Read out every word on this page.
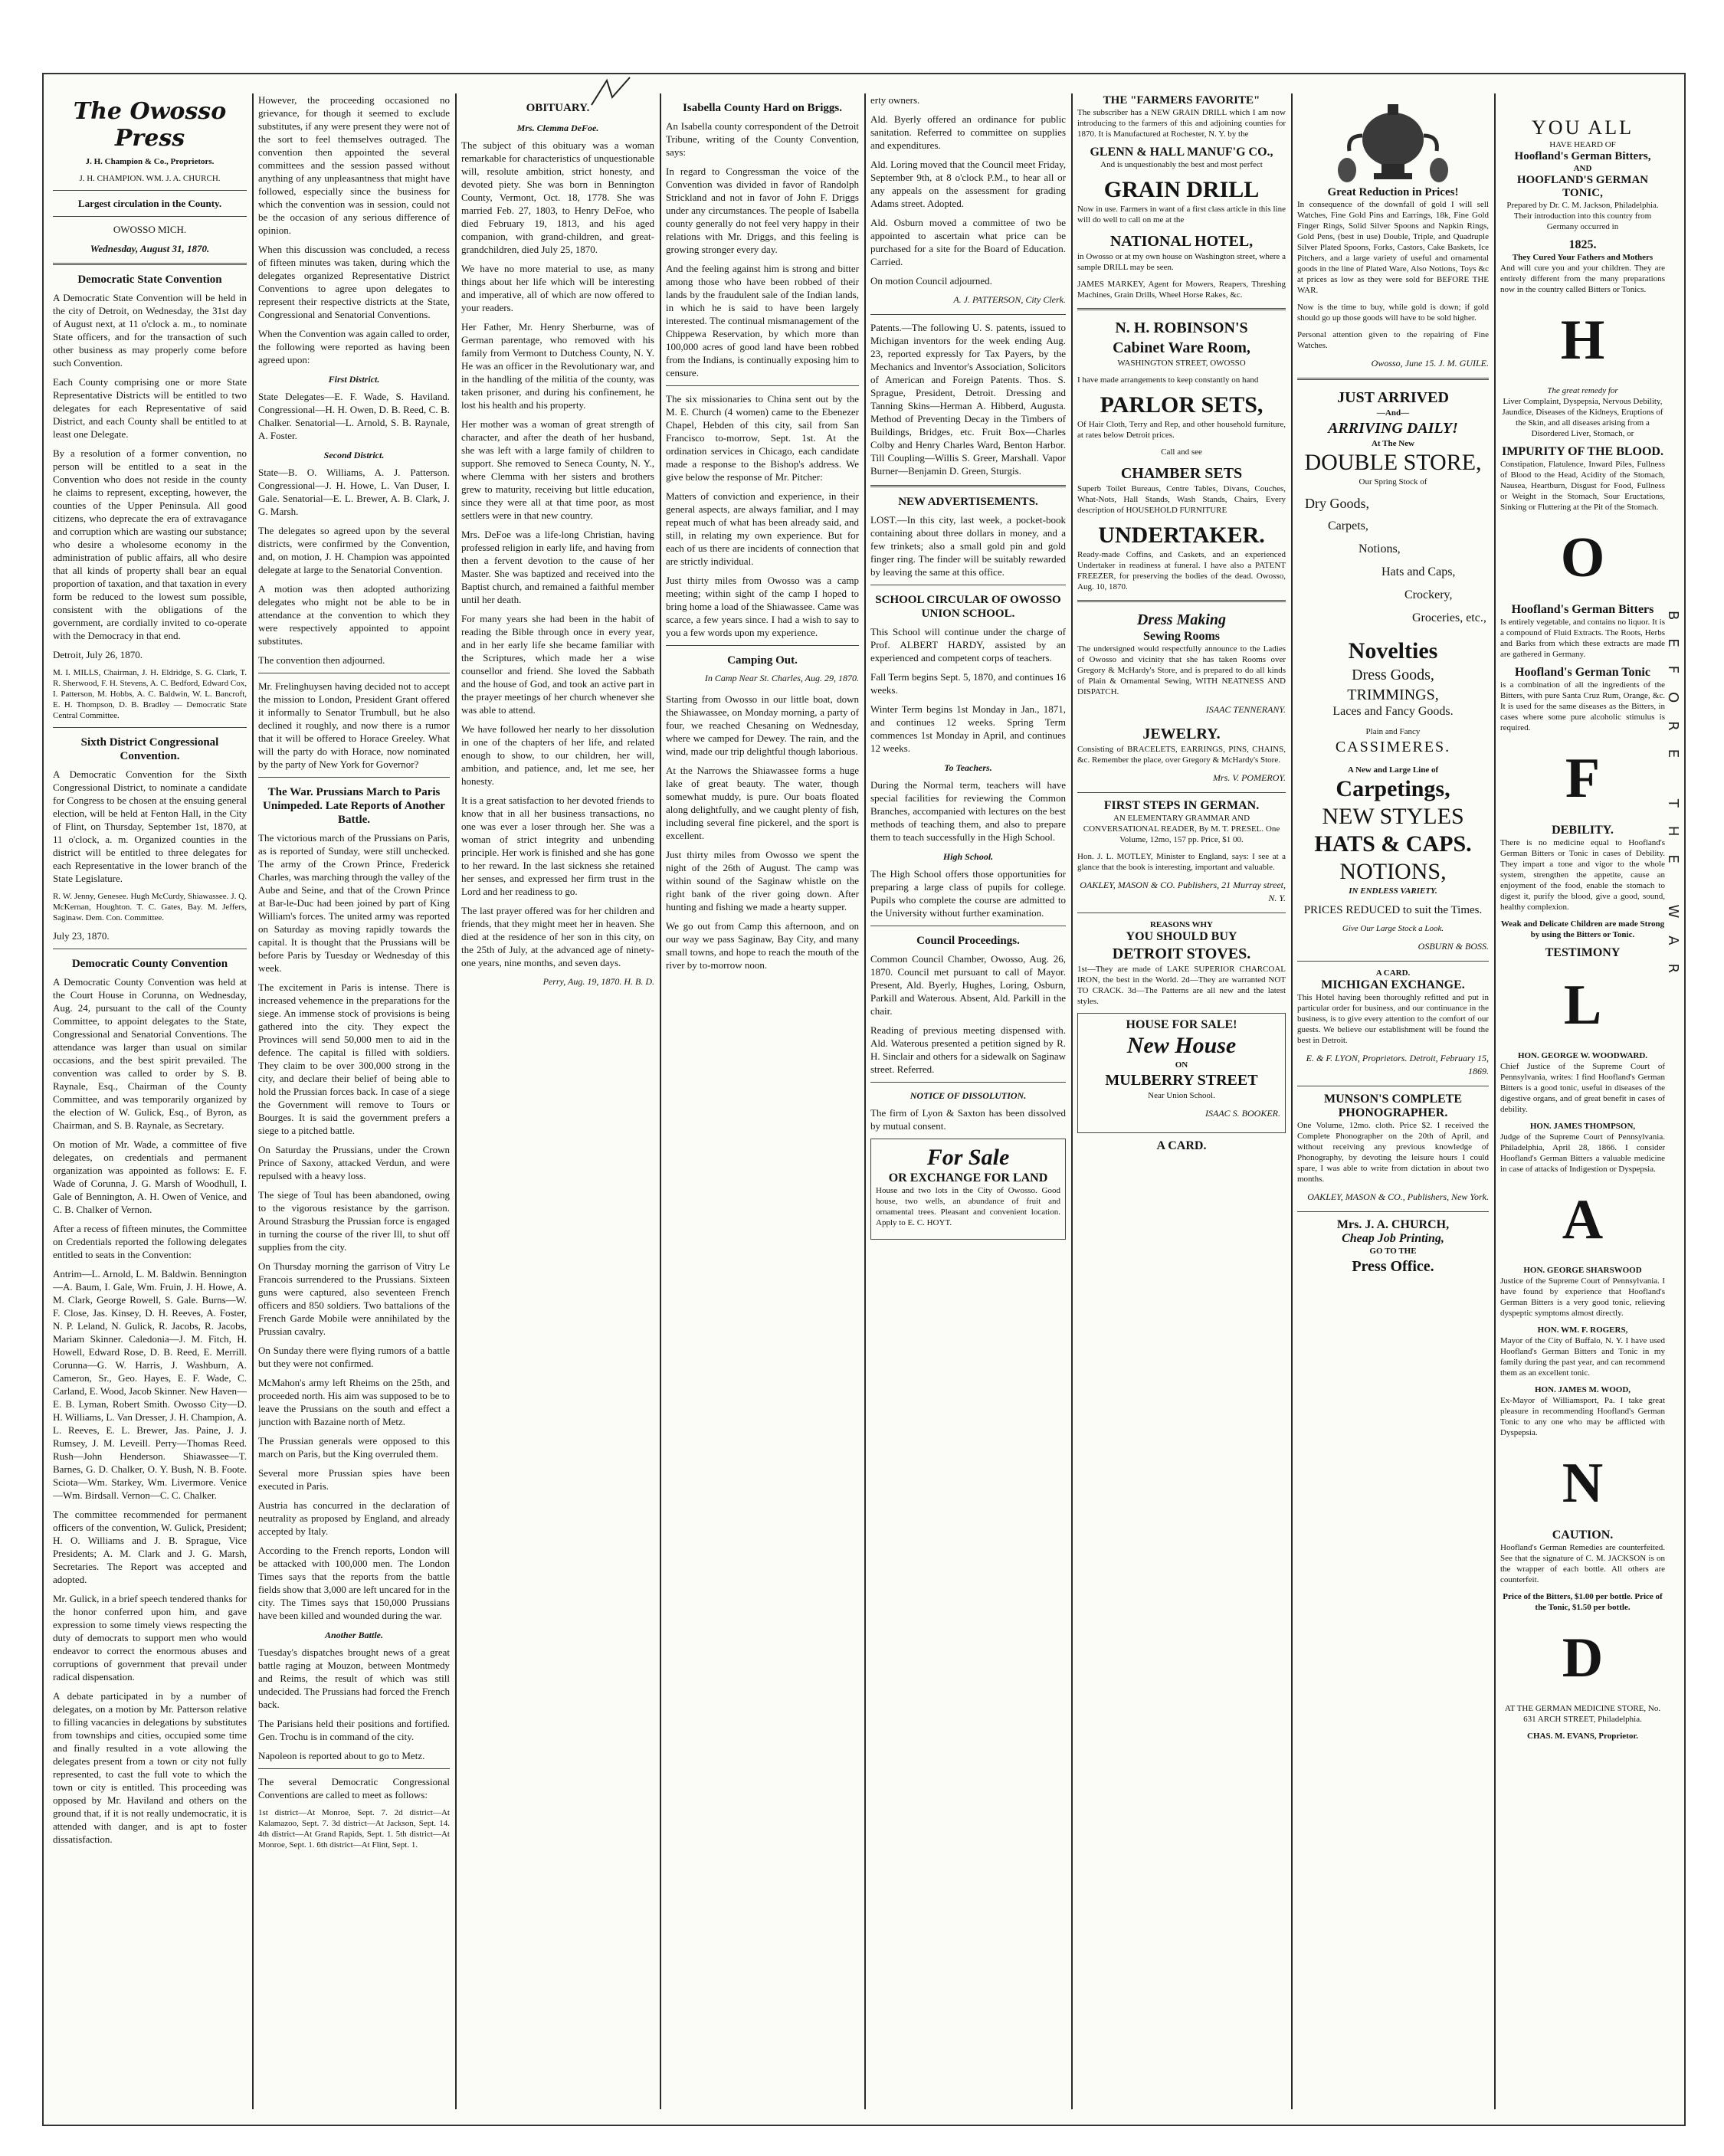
The Owosso Press

J. H. Champion & Co., Proprietors.

J. H. CHAMPION. WM. J. A. CHURCH.

Largest circulation in the County.

OWOSSO MICH.

Wednesday, August 31, 1870.

Democratic State Convention

A Democratic State Convention will be held in the city of Detroit, on Wednesday, the 31st day of August next, at 11 o'clock a. m., to nominate State officers, and for the transaction of such other business as may properly come before such Convention.

Each County comprising one or more State Representative Districts will be entitled to two delegates for each Representative of said District, and each County shall be entitled to at least one Delegate.

By a resolution of a former convention, no person will be entitled to a seat in the Convention who does not reside in the county he claims to represent, excepting, however, the counties of the Upper Peninsula. All good citizens, who deprecate the era of extravagance and corruption which are wasting our substance; who desire a wholesome economy in the administration of public affairs, all who desire that all kinds of property shall bear an equal proportion of taxation, and that taxation in every form be reduced to the lowest sum possible, consistent with the obligations of the government, are cordially invited to co-operate with the Democracy in that end.

Detroit, July 26, 1870.

M. I. MILLS, Chairman, J. H. Eldridge, S. G. Clark, T. R. Sherwood, F. H. Stevens, A. C. Bedford, Edward Cox, I. Patterson, M. Hobbs, A. C. Baldwin, W. L. Bancroft, E. H. Thompson, D. B. Bradley — Democratic State Central Committee.

Sixth District Congressional Convention.

A Democratic Convention for the Sixth Congressional District, to nominate a candidate for Congress to be chosen at the ensuing general election, will be held at Fenton Hall, in the City of Flint, on Thursday, September 1st, 1870, at 11 o'clock, a. m. Organized counties in the district will be entitled to three delegates for each Representative in the lower branch of the State Legislature.

R. W. Jenny, Genesee. Hugh McCurdy, Shiawassee. J. Q. McKernan, Houghton. T. C. Gates, Bay. M. Jeffers, Saginaw. Dem. Con. Committee.

July 23, 1870.

Democratic County Convention

A Democratic County Convention was held at the Court House in Corunna, on Wednesday, Aug. 24, pursuant to the call of the County Committee, to appoint delegates to the State, Congressional and Senatorial Conventions. The attendance was larger than usual on similar occasions, and the best spirit prevailed. The convention was called to order by S. B. Raynale, Esq., Chairman of the County Committee, and was temporarily organized by the election of W. Gulick, Esq., of Byron, as Chairman, and S. B. Raynale, as Secretary.

On motion of Mr. Wade, a committee of five delegates, on credentials and permanent organization was appointed as follows: E. F. Wade of Corunna, J. G. Marsh of Woodhull, I. Gale of Bennington, A. H. Owen of Venice, and C. B. Chalker of Vernon.

After a recess of fifteen minutes, the Committee on Credentials reported the following delegates entitled to seats in the Convention:

Antrim—L. Arnold, L. M. Baldwin. Bennington—A. Baum, I. Gale, Wm. Fruin, J. H. Howe, A. M. Clark, George Rowell, S. Gale. Burns—W. F. Close, Jas. Kinsey, D. H. Reeves, A. Foster, N. P. Leland, N. Gulick, R. Jacobs, R. Jacobs, Mariam Skinner. Caledonia—J. M. Fitch, H. Howell, Edward Rose, D. B. Reed, E. Merrill. Corunna—G. W. Harris, J. Washburn, A. Cameron, Sr., Geo. Hayes, E. F. Wade, C. Carland, E. Wood, Jacob Skinner. New Haven—E. B. Lyman, Robert Smith. Owosso City—D. H. Williams, L. Van Dresser, J. H. Champion, A. L. Reeves, E. L. Brewer, Jas. Paine, J. J. Rumsey, J. M. Leveill. Perry—Thomas Reed. Rush—John Henderson. Shiawassee—T. Barnes, G. D. Chalker, O. Y. Bush, N. B. Foote. Sciota—Wm. Starkey, Wm. Livermore. Venice—Wm. Birdsall. Vernon—C. C. Chalker.

The committee recommended for permanent officers of the convention, W. Gulick, President; H. O. Williams and J. B. Sprague, Vice Presidents; A. M. Clark and J. G. Marsh, Secretaries. The Report was accepted and adopted.

Mr. Gulick, in a brief speech tendered thanks for the honor conferred upon him, and gave expression to some timely views respecting the duty of democrats to support men who would endeavor to correct the enormous abuses and corruptions of government that prevail under radical dispensation.

A debate participated in by a number of delegates, on a motion by Mr. Patterson relative to filling vacancies in delegations by substitutes from townships and cities, occupied some time and finally resulted in a vote allowing the delegates present from a town or city not fully represented, to cast the full vote to which the town or city is entitled. This proceeding was opposed by Mr. Haviland and others on the ground that, if it is not really undemocratic, it is attended with danger, and is apt to foster dissatisfaction.

However, the proceeding occasioned no grievance, for though it seemed to exclude substitutes, if any were present they were not of the sort to feel themselves outraged. The convention then appointed the several committees and the session passed without anything of any unpleasantness that might have followed, especially since the business for which the convention was in session, could not be the occasion of any serious difference of opinion.

When this discussion was concluded, a recess of fifteen minutes was taken, during which the delegates organized Representative District Conventions to agree upon delegates to represent their respective districts at the State, Congressional and Senatorial Conventions.

When the Convention was again called to order, the following were reported as having been agreed upon:

First District.

State Delegates—E. F. Wade, S. Haviland. Congressional—H. H. Owen, D. B. Reed, C. B. Chalker. Senatorial—L. Arnold, S. B. Raynale, A. Foster.

Second District.

State—B. O. Williams, A. J. Patterson. Congressional—J. H. Howe, L. Van Duser, I. Gale. Senatorial—E. L. Brewer, A. B. Clark, J. G. Marsh.

The delegates so agreed upon by the several districts, were confirmed by the Convention, and, on motion, J. H. Champion was appointed delegate at large to the Senatorial Convention.

A motion was then adopted authorizing delegates who might not be able to be in attendance at the convention to which they were respectively appointed to appoint substitutes.

The convention then adjourned.

Mr. Frelinghuysen having decided not to accept the mission to London, President Grant offered it informally to Senator Trumbull, but he also declined it roughly, and now there is a rumor that it will be offered to Horace Greeley. What will the party do with Horace, now nominated by the party of New York for Governor?

The War. Prussians March to Paris Unimpeded. Late Reports of Another Battle.

The victorious march of the Prussians on Paris, as is reported of Sunday, were still unchecked. The army of the Crown Prince, Frederick Charles, was marching through the valley of the Aube and Seine, and that of the Crown Prince at Bar-le-Duc had been joined by part of King William's forces. The united army was reported on Saturday as moving rapidly towards the capital. It is thought that the Prussians will be before Paris by Tuesday or Wednesday of this week.

The excitement in Paris is intense. There is increased vehemence in the preparations for the siege. An immense stock of provisions is being gathered into the city. They expect the Provinces will send 50,000 men to aid in the defence. The capital is filled with soldiers. They claim to be over 300,000 strong in the city, and declare their belief of being able to hold the Prussian forces back. In case of a siege the Government will remove to Tours or Bourges. It is said the government prefers a siege to a pitched battle.

On Saturday the Prussians, under the Crown Prince of Saxony, attacked Verdun, and were repulsed with a heavy loss.

The siege of Toul has been abandoned, owing to the vigorous resistance by the garrison. Around Strasburg the Prussian force is engaged in turning the course of the river Ill, to shut off supplies from the city.

On Thursday morning the garrison of Vitry Le Francois surrendered to the Prussians. Sixteen guns were captured, also seventeen French officers and 850 soldiers. Two battalions of the French Garde Mobile were annihilated by the Prussian cavalry.

On Sunday there were flying rumors of a battle but they were not confirmed.

McMahon's army left Rheims on the 25th, and proceeded north. His aim was supposed to be to leave the Prussians on the south and effect a junction with Bazaine north of Metz.

The Prussian generals were opposed to this march on Paris, but the King overruled them.

Several more Prussian spies have been executed in Paris.

Austria has concurred in the declaration of neutrality as proposed by England, and already accepted by Italy.

According to the French reports, London will be attacked with 100,000 men. The London Times says that the reports from the battle fields show that 3,000 are left uncared for in the city. The Times says that 150,000 Prussians have been killed and wounded during the war.

Another Battle.

Tuesday's dispatches brought news of a great battle raging at Mouzon, between Montmedy and Reims, the result of which was still undecided. The Prussians had forced the French back.

The Parisians held their positions and fortified. Gen. Trochu is in command of the city.

Napoleon is reported about to go to Metz.

The several Democratic Congressional Conventions are called to meet as follows:

1st district—At Monroe, Sept. 7. 2d district—At Kalamazoo, Sept. 7. 3d district—At Jackson, Sept. 14. 4th district—At Grand Rapids, Sept. 1. 5th district—At Monroe, Sept. 1. 6th district—At Flint, Sept. 1.

OBITUARY.
Mrs. Clemma DeFoe.

The subject of this obituary was a woman remarkable for characteristics of unquestionable will, resolute ambition, strict honesty, and devoted piety. She was born in Bennington County, Vermont, Oct. 18, 1778. She was married Feb. 27, 1803, to Henry DeFoe, who died February 19, 1813, and his aged companion, with grand-children, and great-grandchildren, died July 25, 1870.

We have no more material to use, as many things about her life which will be interesting and imperative, all of which are now offered to your readers.

Her Father, Mr. Henry Sherburne, was of German parentage, who removed with his family from Vermont to Dutchess County, N. Y. He was an officer in the Revolutionary war, and in the handling of the militia of the county, was taken prisoner, and during his confinement, he lost his health and his property.

Her mother was a woman of great strength of character, and after the death of her husband, she was left with a large family of children to support. She removed to Seneca County, N. Y., where Clemma with her sisters and brothers grew to maturity, receiving but little education, since they were all at that time poor, as most settlers were in that new country.

Mrs. DeFoe was a life-long Christian, having professed religion in early life, and having from then a fervent devotion to the cause of her Master. She was baptized and received into the Baptist church, and remained a faithful member until her death.

For many years she had been in the habit of reading the Bible through once in every year, and in her early life she became familiar with the Scriptures, which made her a wise counsellor and friend. She loved the Sabbath and the house of God, and took an active part in the prayer meetings of her church whenever she was able to attend.

We have followed her nearly to her dissolution in one of the chapters of her life, and related enough to show, to our children, her will, ambition, and patience, and, let me see, her honesty.

It is a great satisfaction to her devoted friends to know that in all her business transactions, no one was ever a loser through her. She was a woman of strict integrity and unbending principle. Her work is finished and she has gone to her reward. In the last sickness she retained her senses, and expressed her firm trust in the Lord and her readiness to go.

The last prayer offered was for her children and friends, that they might meet her in heaven. She died at the residence of her son in this city, on the 25th of July, at the advanced age of ninety-one years, nine months, and seven days.

Perry, Aug. 19, 1870. H. B. D.

Isabella County Hard on Briggs.

An Isabella county correspondent of the Detroit Tribune, writing of the County Convention, says:

In regard to Congressman the voice of the Convention was divided in favor of Randolph Strickland and not in favor of John F. Driggs under any circumstances. The people of Isabella county generally do not feel very happy in their relations with Mr. Driggs, and this feeling is growing stronger every day.

And the feeling against him is strong and bitter among those who have been robbed of their lands by the fraudulent sale of the Indian lands, in which he is said to have been largely interested. The continual mismanagement of the Chippewa Reservation, by which more than 100,000 acres of good land have been robbed from the Indians, is continually exposing him to censure.

The six missionaries to China sent out by the M. E. Church (4 women) came to the Ebenezer Chapel, Hebden of this city, sail from San Francisco to-morrow, Sept. 1st. At the ordination services in Chicago, each candidate made a response to the Bishop's address. We give below the response of Mr. Pitcher:

Matters of conviction and experience, in their general aspects, are always familiar, and I may repeat much of what has been already said, and still, in relating my own experience. But for each of us there are incidents of connection that are strictly individual.

Just thirty miles from Owosso was a camp meeting; within sight of the camp I hoped to bring home a load of the Shiawassee. Came was scarce, a few years since. I had a wish to say to you a few words upon my experience.

Camping Out.

In Camp Near St. Charles, Aug. 29, 1870.

Starting from Owosso in our little boat, down the Shiawassee, on Monday morning, a party of four, we reached Chesaning on Wednesday, where we camped for Dewey. The rain, and the wind, made our trip delightful though laborious.

At the Narrows the Shiawassee forms a huge lake of great beauty. The water, though somewhat muddy, is pure. Our boats floated along delightfully, and we caught plenty of fish, including several fine pickerel, and the sport is excellent.

Just thirty miles from Owosso we spent the night of the 26th of August. The camp was within sound of the Saginaw whistle on the right bank of the river going down. After hunting and fishing we made a hearty supper.

We go out from Camp this afternoon, and on our way we pass Saginaw, Bay City, and many small towns, and hope to reach the mouth of the river by to-morrow noon.

erty owners.

Ald. Byerly offered an ordinance for public sanitation. Referred to committee on supplies and expenditures.

Ald. Loring moved that the Council meet Friday, September 9th, at 8 o'clock P.M., to hear all or any appeals on the assessment for grading Adams street. Adopted.

Ald. Osburn moved a committee of two be appointed to ascertain what price can be purchased for a site for the Board of Education. Carried.

On motion Council adjourned.

A. J. PATTERSON, City Clerk.

Patents.—The following U. S. patents, issued to Michigan inventors for the week ending Aug. 23, reported expressly for Tax Payers, by the Mechanics and Inventor's Association, Solicitors of American and Foreign Patents. Thos. S. Sprague, President, Detroit. Dressing and Tanning Skins—Herman A. Hibberd, Augusta. Method of Preventing Decay in the Timbers of Buildings, Bridges, etc. Fruit Box—Charles Colby and Henry Charles Ward, Benton Harbor. Till Coupling—Willis S. Greer, Marshall. Vapor Burner—Benjamin D. Green, Sturgis.

NEW ADVERTISEMENTS.

LOST.—In this city, last week, a pocket-book containing about three dollars in money, and a few trinkets; also a small gold pin and gold finger ring. The finder will be suitably rewarded by leaving the same at this office.

SCHOOL CIRCULAR OF OWOSSO UNION SCHOOL.

This School will continue under the charge of Prof. ALBERT HARDY, assisted by an experienced and competent corps of teachers.

Fall Term begins Sept. 5, 1870, and continues 16 weeks.

Winter Term begins 1st Monday in Jan., 1871, and continues 12 weeks. Spring Term commences 1st Monday in April, and continues 12 weeks.

To Teachers.

During the Normal term, teachers will have special facilities for reviewing the Common Branches, accompanied with lectures on the best methods of teaching them, and also to prepare them to teach successfully in the High School.

High School.

The High School offers those opportunities for preparing a large class of pupils for college. Pupils who complete the course are admitted to the University without further examination.

Council Proceedings.

Common Council Chamber, Owosso, Aug. 26, 1870. Council met pursuant to call of Mayor. Present, Ald. Byerly, Hughes, Loring, Osburn, Parkill and Waterous. Absent, Ald. Parkill in the chair.

Reading of previous meeting dispensed with. Ald. Waterous presented a petition signed by R. H. Sinclair and others for a sidewalk on Saginaw street. Referred.

NOTICE OF DISSOLUTION.

The firm of Lyon & Saxton has been dissolved by mutual consent.

For Sale
OR EXCHANGE FOR LAND

House and two lots in the City of Owosso. Good house, two wells, an abundance of fruit and ornamental trees. Pleasant and convenient location. Apply to E. C. HOYT.

THE "FARMERS FAVORITE"

The subscriber has a NEW GRAIN DRILL which I am now introducing to the farmers of this and adjoining counties for 1870. It is Manufactured at Rochester, N. Y. by the

GLENN & HALL MANUF'G CO.,

And is unquestionably the best and most perfect

GRAIN DRILL

Now in use. Farmers in want of a first class article in this line will do well to call on me at the

NATIONAL HOTEL,

in Owosso or at my own house on Washington street, where a sample DRILL may be seen.

JAMES MARKEY, Agent for Mowers, Reapers, Threshing Machines, Grain Drills, Wheel Horse Rakes, &c.

N. H. ROBINSON'S
Cabinet Ware Room,

WASHINGTON STREET, OWOSSO

I have made arrangements to keep constantly on hand

PARLOR SETS,

Of Hair Cloth, Terry and Rep, and other household furniture, at rates below Detroit prices.

Call and see

CHAMBER SETS

Superb Toilet Bureaus, Centre Tables, Divans, Couches, What-Nots, Hall Stands, Wash Stands, Chairs, Every description of HOUSEHOLD FURNITURE

UNDERTAKER.

Ready-made Coffins, and Caskets, and an experienced Undertaker in readiness at funeral. I have also a PATENT FREEZER, for preserving the bodies of the dead. Owosso, Aug. 10, 1870.

Dress Making
Sewing Rooms

The undersigned would respectfully announce to the Ladies of Owosso and vicinity that she has taken Rooms over Gregory & McHardy's Store, and is prepared to do all kinds of Plain & Ornamental Sewing, WITH NEATNESS AND DISPATCH.

ISAAC TENNERANY.

JEWELRY.

Consisting of BRACELETS, EARRINGS, PINS, CHAINS, &c. Remember the place, over Gregory & McHardy's Store.

Mrs. V. POMEROY.

FIRST STEPS IN GERMAN.

AN ELEMENTARY GRAMMAR AND CONVERSATIONAL READER, By M. T. PRESEL. One Volume, 12mo, 157 pp. Price, $1 00.

Hon. J. L. MOTLEY, Minister to England, says: I see at a glance that the book is interesting, important and valuable.

OAKLEY, MASON & CO. Publishers, 21 Murray street, N. Y.

REASONS WHY
YOU SHOULD BUY
DETROIT STOVES.

1st—They are made of LAKE SUPERIOR CHARCOAL IRON, the best in the World. 2d—They are warranted NOT TO CRACK. 3d—The Patterns are all new and the latest styles.

HOUSE FOR SALE!
New House
ON
MULBERRY STREET

Near Union School.

ISAAC S. BOOKER.

A CARD.
Great Reduction in Prices!

In consequence of the downfall of gold I will sell Watches, Fine Gold Pins and Earrings, 18k, Fine Gold Finger Rings, Solid Silver Spoons and Napkin Rings, Gold Pens, (best in use) Double, Triple, and Quadruple Silver Plated Spoons, Forks, Castors, Cake Baskets, Ice Pitchers, and a large variety of useful and ornamental goods in the line of Plated Ware, Also Notions, Toys &c at prices as low as they were sold for BEFORE THE WAR.

Now is the time to buy, while gold is down; if gold should go up those goods will have to be sold higher.

Personal attention given to the repairing of Fine Watches.

Owosso, June 15. J. M. GUILE.

JUST ARRIVED
—And—
ARRIVING DAILY!
At The New
DOUBLE STORE,
Our Spring Stock of

Dry Goods,

Carpets,

Notions,

Hats and Caps,

Crockery,

Groceries, etc.,

Novelties
Dress Goods,
TRIMMINGS,
Laces and Fancy Goods.
Plain and Fancy
CASSIMERES.
A New and Large Line of
Carpetings,
NEW STYLES
HATS & CAPS.
NOTIONS,
IN ENDLESS VARIETY.

PRICES REDUCED to suit the Times.

Give Our Large Stock a Look.

OSBURN & BOSS.

A CARD.
MICHIGAN EXCHANGE.

This Hotel having been thoroughly refitted and put in particular order for business, and our continuance in the business, is to give every attention to the comfort of our guests. We believe our establishment will be found the best in Detroit.

E. & F. LYON, Proprietors. Detroit, February 15, 1869.

MUNSON'S COMPLETE PHONOGRAPHER.

One Volume, 12mo. cloth. Price $2. I received the Complete Phonographer on the 20th of April, and without receiving any previous knowledge of Phonography, by devoting the leisure hours I could spare, I was able to write from dictation in about two months.

OAKLEY, MASON & CO., Publishers, New York.

Mrs. J. A. CHURCH,
Cheap Job Printing,
GO TO THE
Press Office.
YOU ALL
HAVE HEARD OF
Hoofland's German Bitters,
AND
HOOFLAND'S GERMAN TONIC,

Prepared by Dr. C. M. Jackson, Philadelphia. Their introduction into this country from Germany occurred in

1825.
They Cured Your Fathers and Mothers

And will cure you and your children. They are entirely different from the many preparations now in the country called Bitters or Tonics.

H
The great remedy for

Liver Complaint, Dyspepsia, Nervous Debility, Jaundice, Diseases of the Kidneys, Eruptions of the Skin, and all diseases arising from a Disordered Liver, Stomach, or

IMPURITY OF THE BLOOD.

Constipation, Flatulence, Inward Piles, Fullness of Blood to the Head, Acidity of the Stomach, Nausea, Heartburn, Disgust for Food, Fullness or Weight in the Stomach, Sour Eructations, Sinking or Fluttering at the Pit of the Stomach.

O
Hoofland's German Bitters

Is entirely vegetable, and contains no liquor. It is a compound of Fluid Extracts. The Roots, Herbs and Barks from which these extracts are made are gathered in Germany.

Hoofland's German Tonic

is a combination of all the ingredients of the Bitters, with pure Santa Cruz Rum, Orange, &c. It is used for the same diseases as the Bitters, in cases where some pure alcoholic stimulus is required.

F
DEBILITY.

There is no medicine equal to Hoofland's German Bitters or Tonic in cases of Debility. They impart a tone and vigor to the whole system, strengthen the appetite, cause an enjoyment of the food, enable the stomach to digest it, purify the blood, give a good, sound, healthy complexion.

Weak and Delicate Children are made Strong by using the Bitters or Tonic.

TESTIMONY
L
HON. GEORGE W. WOODWARD.

Chief Justice of the Supreme Court of Pennsylvania, writes: I find Hoofland's German Bitters is a good tonic, useful in diseases of the digestive organs, and of great benefit in cases of debility.

HON. JAMES THOMPSON,

Judge of the Supreme Court of Pennsylvania. Philadelphia, April 28, 1866. I consider Hoofland's German Bitters a valuable medicine in case of attacks of Indigestion or Dyspepsia.

A
HON. GEORGE SHARSWOOD

Justice of the Supreme Court of Pennsylvania. I have found by experience that Hoofland's German Bitters is a very good tonic, relieving dyspeptic symptoms almost directly.

HON. WM. F. ROGERS,

Mayor of the City of Buffalo, N. Y. I have used Hoofland's German Bitters and Tonic in my family during the past year, and can recommend them as an excellent tonic.

HON. JAMES M. WOOD,

Ex-Mayor of Williamsport, Pa. I take great pleasure in recommending Hoofland's German Tonic to any one who may be afflicted with Dyspepsia.

N
CAUTION.

Hoofland's German Remedies are counterfeited. See that the signature of C. M. JACKSON is on the wrapper of each bottle. All others are counterfeit.

Price of the Bitters, $1.00 per bottle. Price of the Tonic, $1.50 per bottle.

D

AT THE GERMAN MEDICINE STORE, No. 631 ARCH STREET, Philadelphia.

CHAS. M. EVANS, Proprietor.

BEFORE THE WAR
